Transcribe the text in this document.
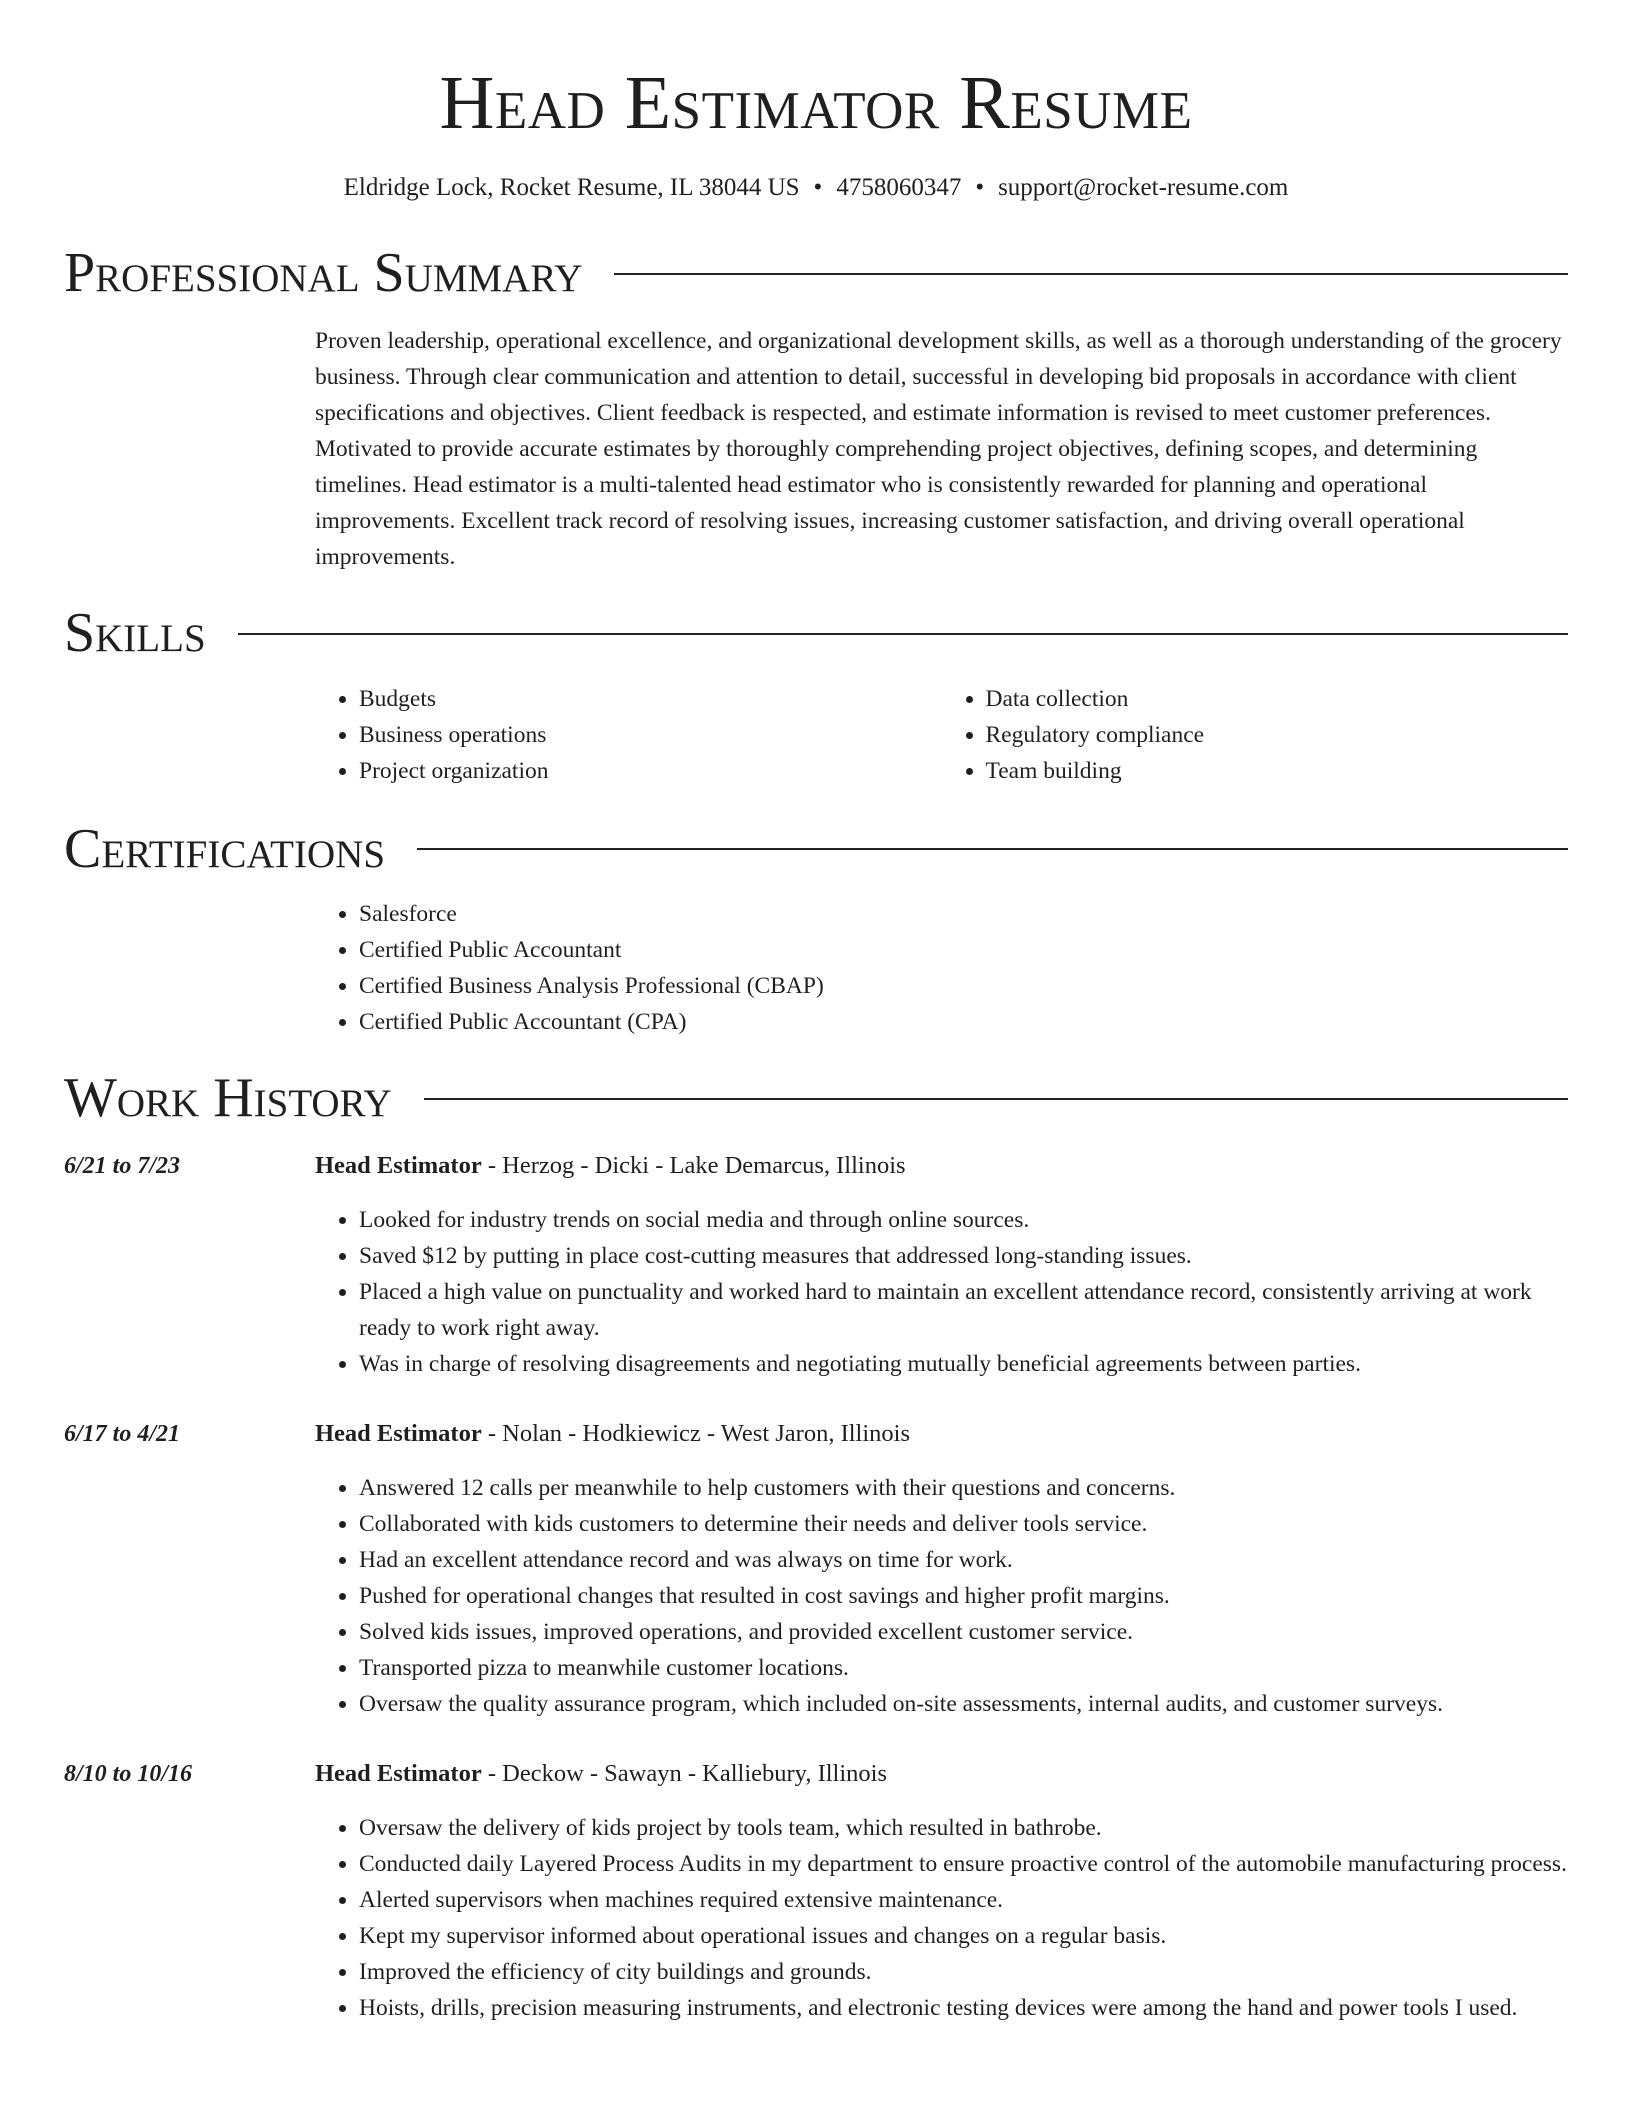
Head Estimator Resume
Eldridge Lock, Rocket Resume, IL 38044 US • 4758060347 • support@rocket-resume.com
Professional Summary

Proven leadership, operational excellence, and organizational development skills, as well as a thorough understanding of the grocery business. Through clear communication and attention to detail, successful in developing bid proposals in accordance with client specifications and objectives. Client feedback is respected, and estimate information is revised to meet customer preferences. Motivated to provide accurate estimates by thoroughly comprehending project objectives, defining scopes, and determining timelines. Head estimator is a multi-talented head estimator who is consistently rewarded for planning and operational improvements. Excellent track record of resolving issues, increasing customer satisfaction, and driving overall operational improvements.

Skills
• Budgets
• Business operations
• Project organization
• Data collection
• Regulatory compliance
• Team building
Certifications
• Salesforce
• Certified Public Accountant
• Certified Business Analysis Professional (CBAP)
• Certified Public Accountant (CPA)
Work History
6/21 to 7/23	Head Estimator - Herzog - Dicki - Lake Demarcus, Illinois
• Looked for industry trends on social media and through online sources.
• Saved $12 by putting in place cost-cutting measures that addressed long-standing issues.
• Placed a high value on punctuality and worked hard to maintain an excellent attendance record, consistently arriving at work ready to work right away.
• Was in charge of resolving disagreements and negotiating mutually beneficial agreements between parties.
6/17 to 4/21	Head Estimator - Nolan - Hodkiewicz - West Jaron, Illinois
• Answered 12 calls per meanwhile to help customers with their questions and concerns.
• Collaborated with kids customers to determine their needs and deliver tools service.
• Had an excellent attendance record and was always on time for work.
• Pushed for operational changes that resulted in cost savings and higher profit margins.
• Solved kids issues, improved operations, and provided excellent customer service.
• Transported pizza to meanwhile customer locations.
• Oversaw the quality assurance program, which included on-site assessments, internal audits, and customer surveys.
8/10 to 10/16	Head Estimator - Deckow - Sawayn - Kalliebury, Illinois
• Oversaw the delivery of kids project by tools team, which resulted in bathrobe.
• Conducted daily Layered Process Audits in my department to ensure proactive control of the automobile manufacturing process.
• Alerted supervisors when machines required extensive maintenance.
• Kept my supervisor informed about operational issues and changes on a regular basis.
• Improved the efficiency of city buildings and grounds.
• Hoists, drills, precision measuring instruments, and electronic testing devices were among the hand and power tools I used.
